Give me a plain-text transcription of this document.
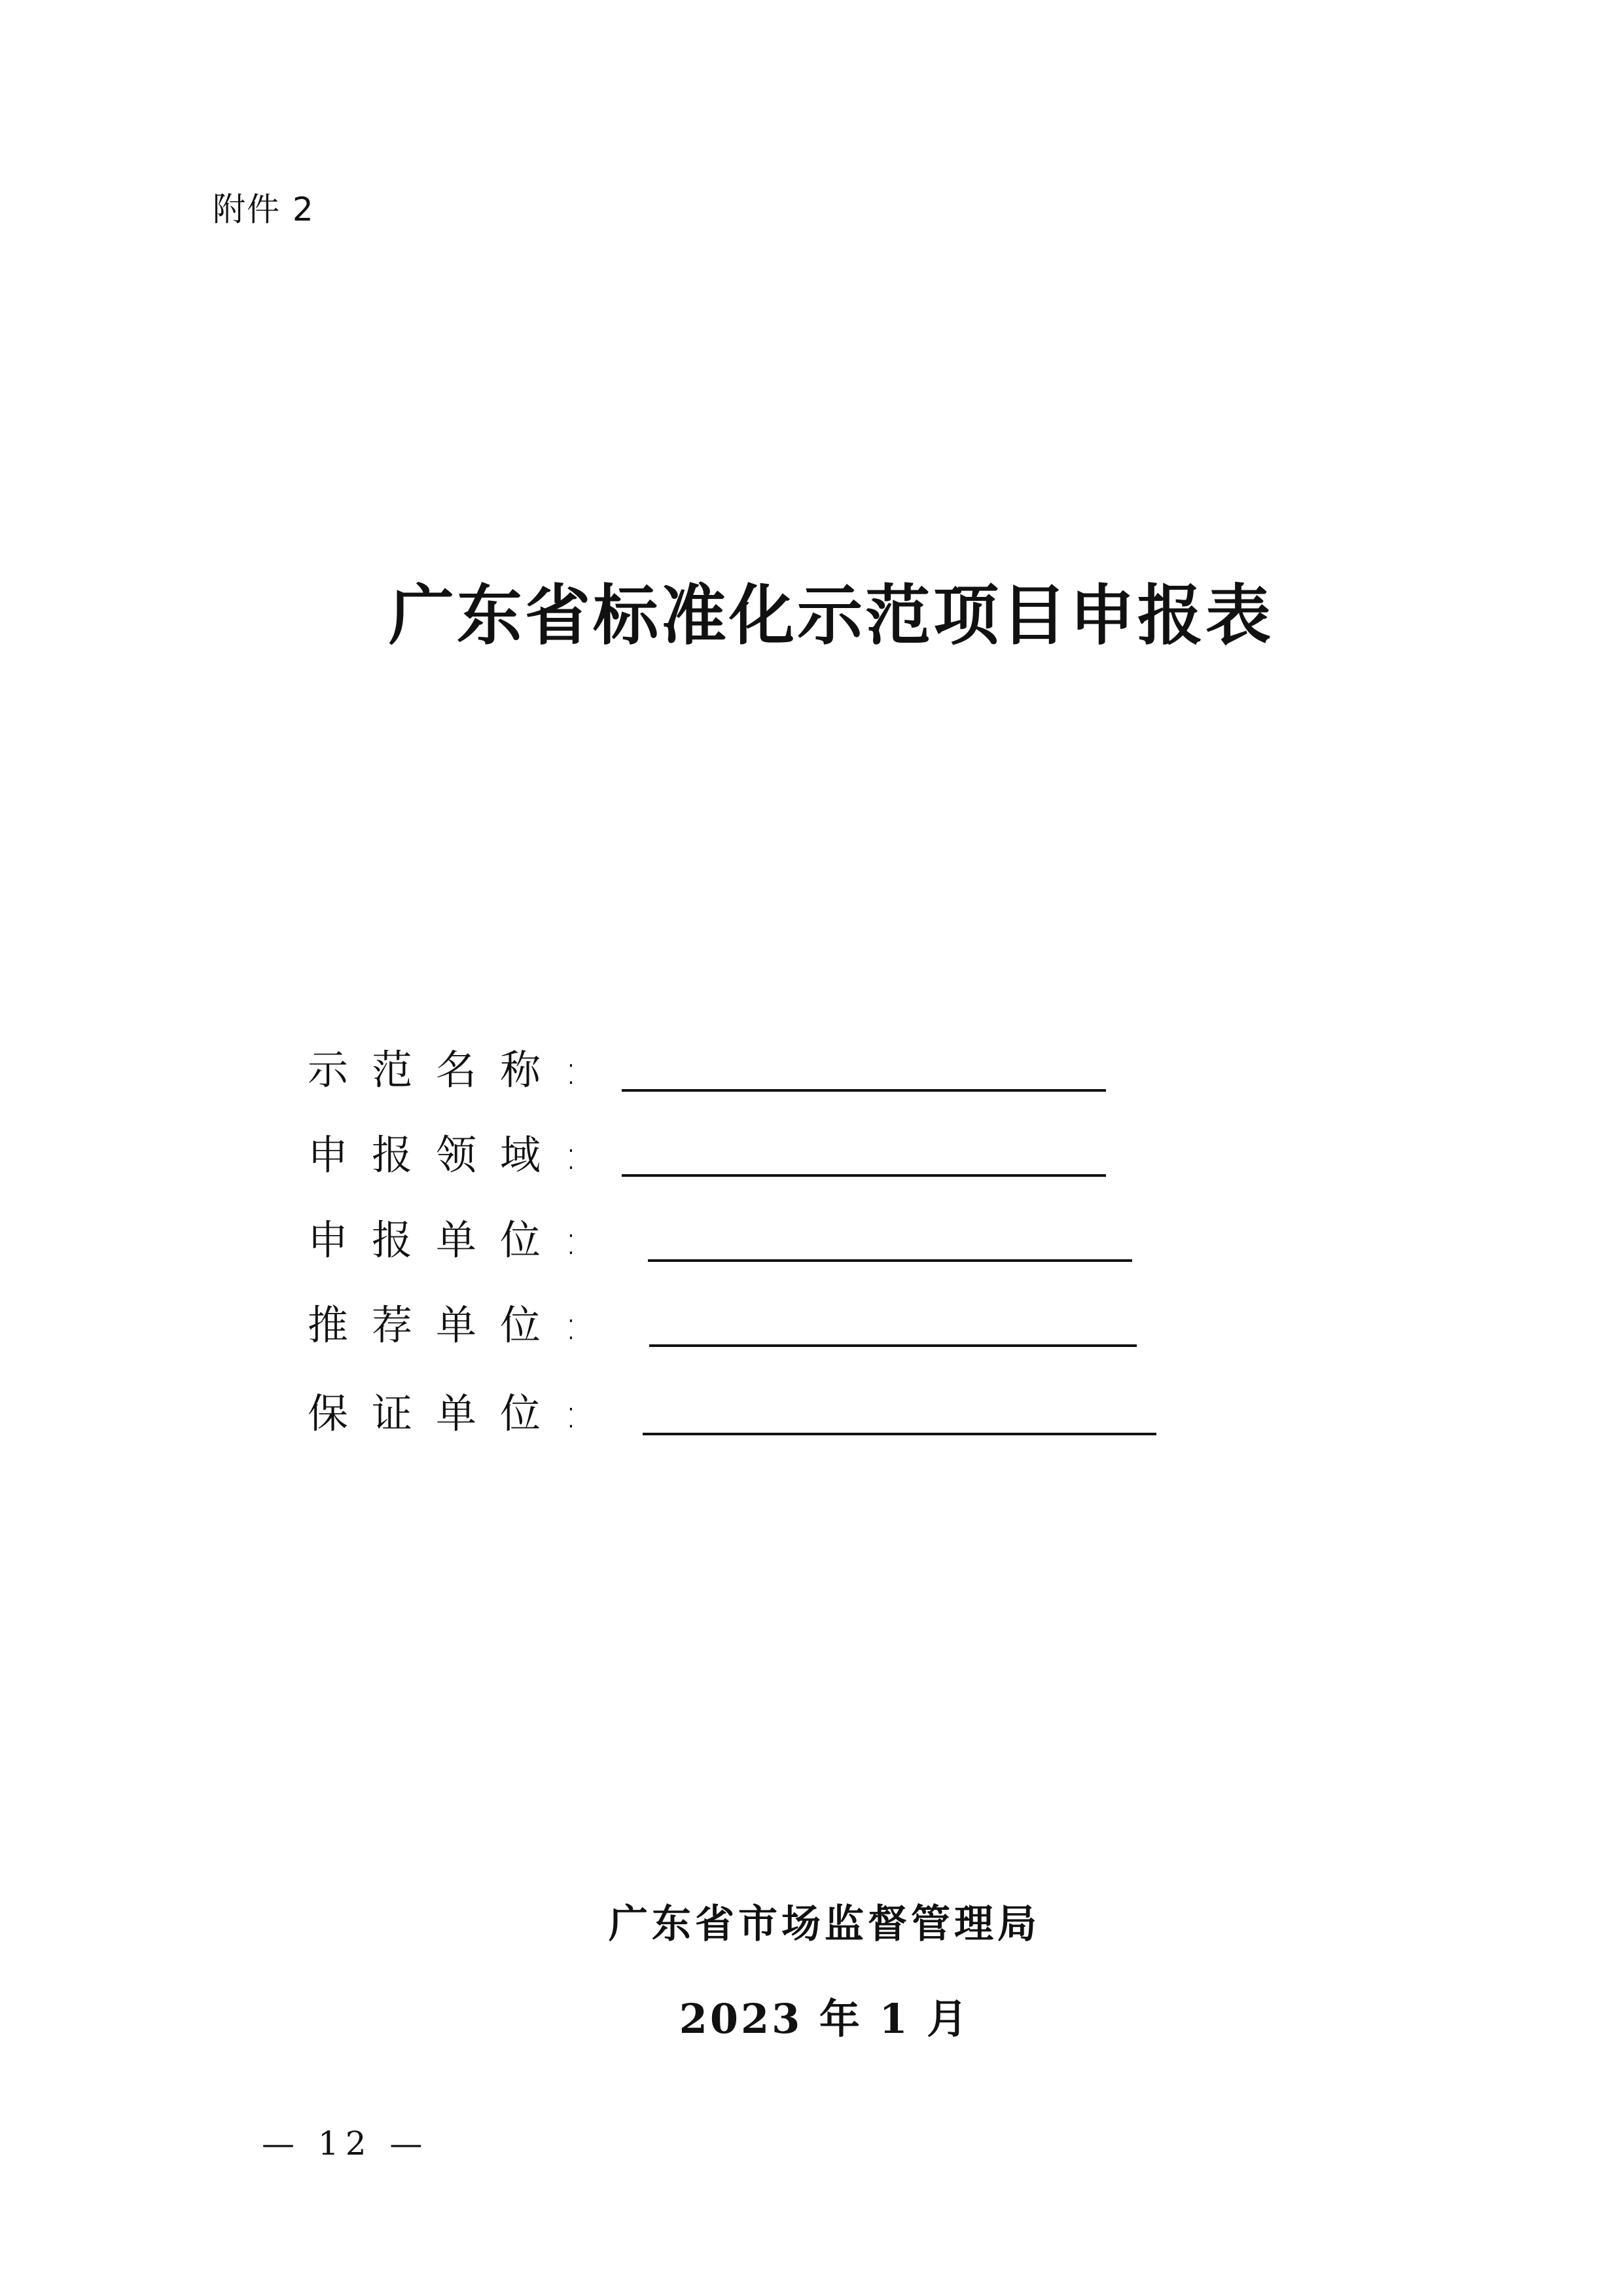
附件 2
广东省标准化示范项目申报表
示范名称:
申报领域:
申报单位:
推荐单位:
保证单位:
广东省市场监督管理局
2023 年 1 月
— 12 —
